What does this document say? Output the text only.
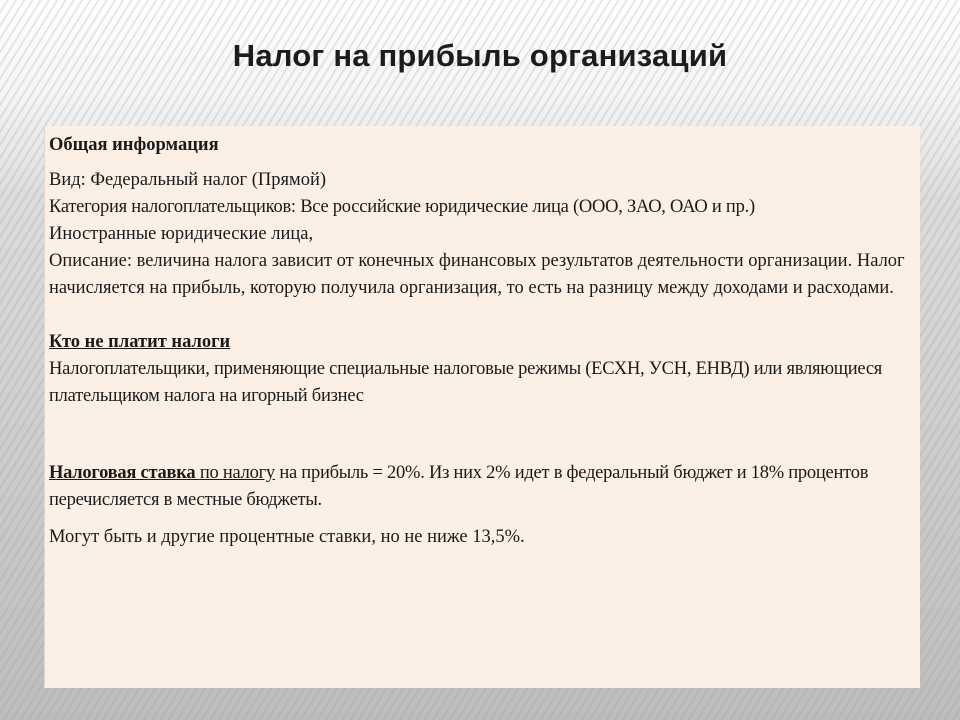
Налог на прибыль организаций

Общая информация

Вид: Федеральный налог (Прямой)

Категория налогоплательщиков: Все российские юридические лица (ООО, ЗАО, ОАО и пр.)

Иностранные юридические лица,

Описание: величина налога зависит от конечных финансовых результатов деятельности организации. Налог начисляется на прибыль, которую получила организация, то есть на разницу между доходами и расходами.

Кто не платит налоги

Налогоплательщики, применяющие специальные налоговые режимы (ЕСХН, УСН, ЕНВД) или являющиеся плательщиком налога на игорный бизнес

Налоговая ставка по налогу на прибыль = 20%. Из них 2% идет в федеральный бюджет и 18% процентов перечисляется в местные бюджеты.

Могут быть и другие процентные ставки, но не ниже 13,5%.
